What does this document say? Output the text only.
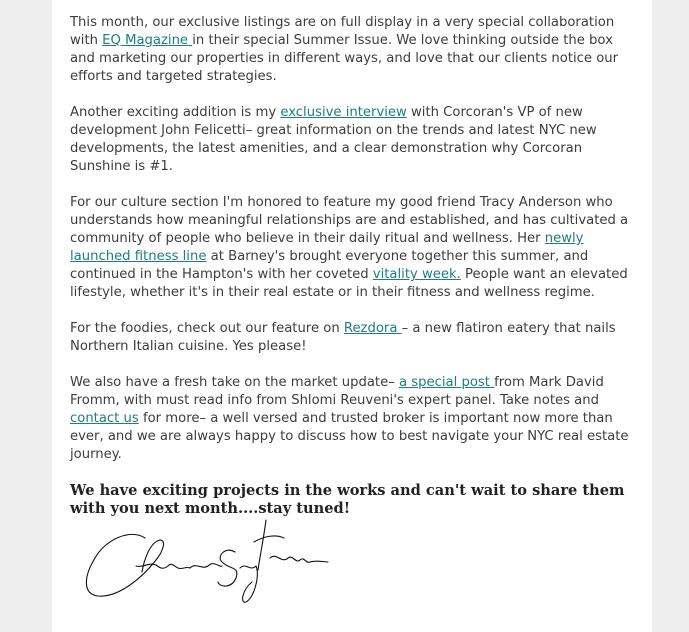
This month, our exclusive listings are on full display in a very special collaboration with EQ Magazine in their special Summer Issue. We love thinking outside the box and marketing our properties in different ways, and love that our clients notice our efforts and targeted strategies.

Another exciting addition is my exclusive interview with Corcoran's VP of new development John Felicetti– great information on the trends and latest NYC new developments, the latest amenities, and a clear demonstration why Corcoran Sunshine is #1.

For our culture section I'm honored to feature my good friend Tracy Anderson who understands how meaningful relationships are and established, and has cultivated a community of people who believe in their daily ritual and wellness. Her newly launched fitness line at Barney's brought everyone together this summer, and continued in the Hampton's with her coveted vitality week. People want an elevated lifestyle, whether it's in their real estate or in their fitness and wellness regime.

For the foodies, check out our feature on Rezdora – a new flatiron eatery that nails Northern Italian cuisine. Yes please!

We also have a fresh take on the market update– a special post from Mark David Fromm, with must read info from Shlomi Reuveni's expert panel. Take notes and contact us for more– a well versed and trusted broker is important now more than ever, and we are always happy to discuss how to best navigate your NYC real estate journey.

We have exciting projects in the works and can't wait to share them with you next month....stay tuned!
